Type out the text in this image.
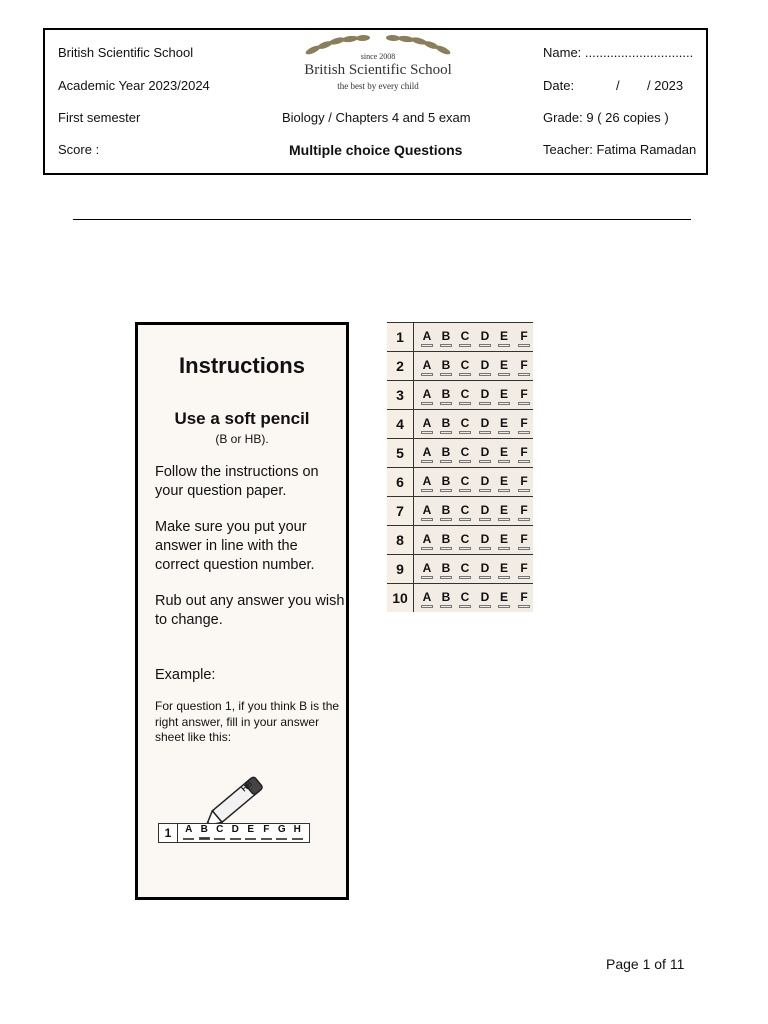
British Scientific School
Academic Year 2023/2024
First semester
Score :
since 2008
British Scientific School
the best by every child
Biology / Chapters 4 and 5 exam
Multiple choice Questions
Name: ..............................
Date:	/ / 2023
Grade: 9 ( 26 copies )
Teacher: Fatima Ramadan
Instructions
Use a soft pencil
(B or HB).
Follow the instructions on your question paper.
Make sure you put your answer in line with the correct question number.
Rub out any answer you wish to change.
Example:
For question 1, if you think B is the right answer, fill in your answer sheet like this:
HB
1	A B C D E F G H
1	A B C D E	F
2	A B C D E	F
3	A B C D E	F
4	A B C D E	F
5	A B C D E	F
6	A B C D E	F
7	A B C D E	F
8	A B C D E	F
9	A B C D E	F
10	A B C D E	F
Page 1 of 11
